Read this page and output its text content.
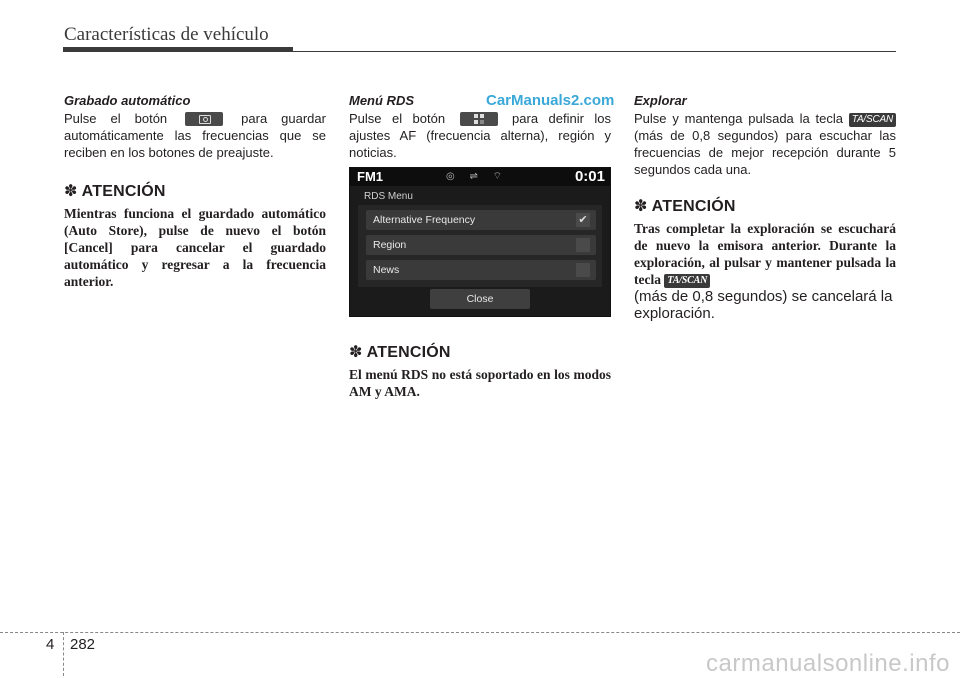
Características de vehículo
CarManuals2.com

Grabado automático

Pulse el botón	para guardar automáticamente las frecuencias que se reciben en los botones de preajuste.

✽ ATENCIÓN

Mientras funciona el guardado automático (Auto Store), pulse de nuevo el botón [Cancel] para cancelar el guardado automático y regresar a la frecuencia anterior.

Menú RDS

Pulse el botón	para definir los ajustes AF (frecuencia alterna), región y noticias.

FM1	◎ ⇌ ⌔	0:01
RDS Menu
Alternative Frequency	✔
Region
News
Close

✽ ATENCIÓN

El menú RDS no está soportado en los modos AM y AMA.

Explorar

Pulse y mantenga pulsada la tecla TA/SCAN (más de 0,8 segundos) para escuchar las frecuencias de mejor recepción durante 5 segundos cada una.

✽ ATENCIÓN

Tras completar la exploración se escuchará de nuevo la emisora anterior. Durante la exploración, al pulsar y mantener pulsada la tecla TA/SCAN

(más de 0,8 segundos) se cancelará la exploración.

4 282
carmanualsonline.info
